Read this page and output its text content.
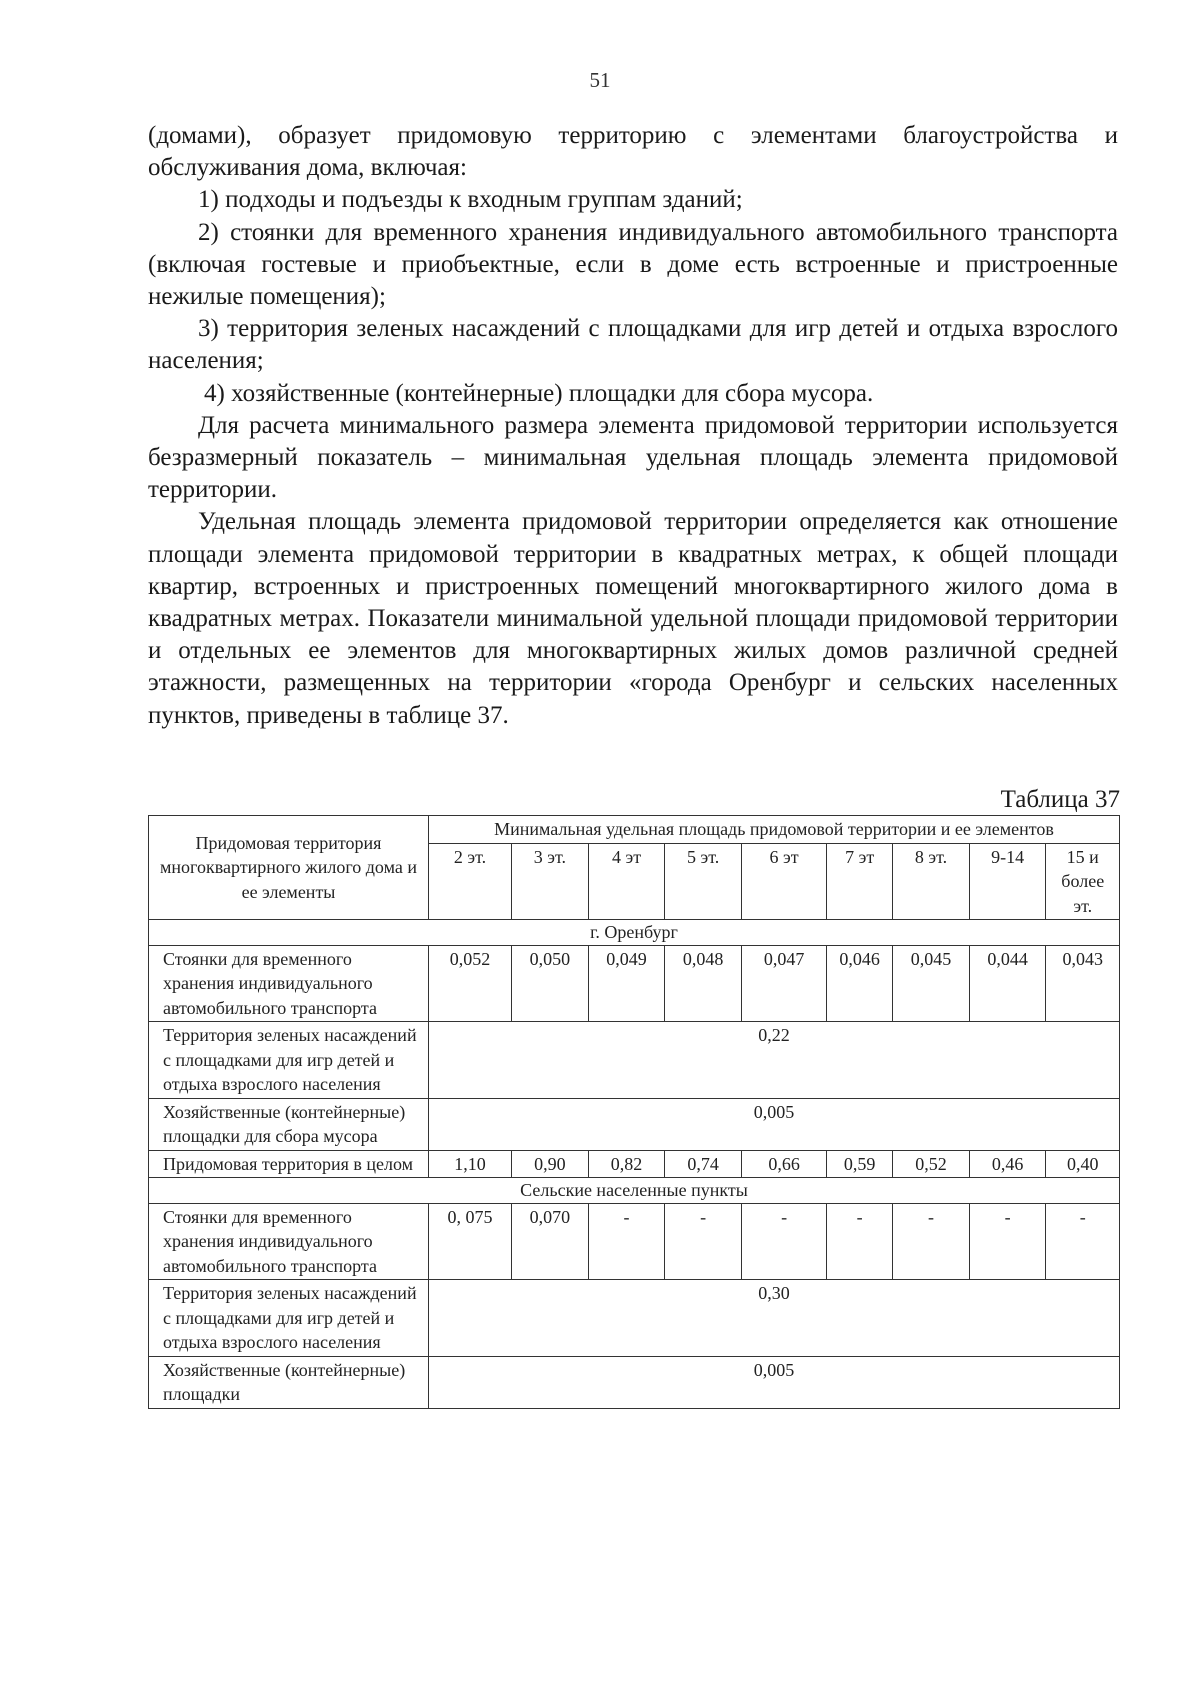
51

(домами), образует придомовую территорию с элементами благоустройства и обслуживания дома, включая:

1) подходы и подъезды к входным группам зданий;

2) стоянки для временного хранения индивидуального автомобильного транспорта (включая гостевые и приобъектные, если в доме есть встроенные и пристроенные нежилые помещения);

3) территория зеленых насаждений с площадками для игр детей и отдыха взрослого населения;

4) хозяйственные (контейнерные) площадки для сбора мусора.

Для расчета минимального размера элемента придомовой территории используется безразмерный показатель – минимальная удельная площадь элемента придомовой территории.

Удельная площадь элемента придомовой территории определяется как отношение площади элемента придомовой территории в квадратных метрах, к общей площади квартир, встроенных и пристроенных помещений многоквартирного жилого дома в квадратных метрах. Показатели минимальной удельной площади придомовой территории и отдельных ее элементов для многоквартирных жилых домов различной средней этажности, размещенных на территории «города Оренбург и сельских населенных пунктов, приведены в таблице 37.

Таблица 37
Придомовая территория многоквартирного жилого дома и ее элементы	Минимальная удельная площадь придомовой территории и ее элементов								
	2 эт.	3 эт.	4 эт	5 эт.	6 эт	7 эт	8 эт.	9-14	15 и более эт.
г. Оренбург									
Стоянки для временного хранения индивидуального автомобильного транспорта	0,052	0,050	0,049	0,048	0,047	0,046	0,045	0,044	0,043
Территория зеленых насаждений с площадками для игр детей и отдыха взрослого населения	0,22								
Хозяйственные (контейнерные) площадки для сбора мусора	0,005								
Придомовая территория в целом	1,10	0,90	0,82	0,74	0,66	0,59	0,52	0,46	0,40
Сельские населенные пункты									
Стоянки для временного хранения индивидуального автомобильного транспорта	0, 075	0,070	-	-	-	-	-	-	-
Территория зеленых насаждений с площадками для игр детей и отдыха взрослого населения	0,30								
Хозяйственные (контейнерные) площадки	0,005								
